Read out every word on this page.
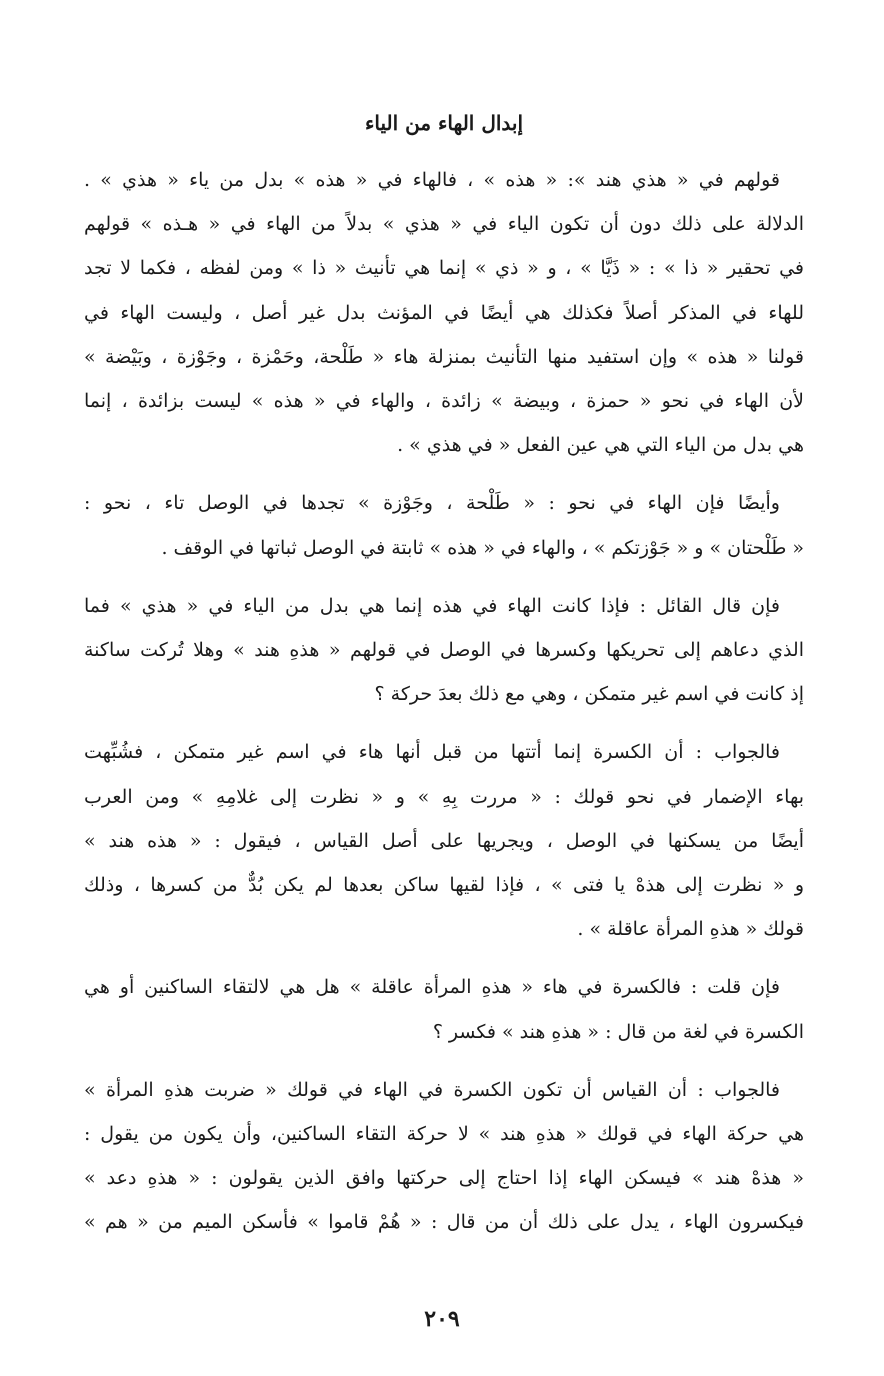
إبدال الهاء من الياء
قولهم في « هذي هند »: « هذه » ، فالهاء في « هذه » بدل من ياء « هذي » .
الدلالة على ذلك دون أن تكون الياء في « هذي » بدلاً من الهاء في « هـذه » قولهم
في تحقير « ذا » : « ذَيَّا » ، و « ذي » إنما هي تأنيث « ذا » ومن لفظه ، فكما لا تجد
للهاء في المذكر أصلاً فكذلك هي أيضًا في المؤنث بدل غير أصل ، وليست الهاء في
قولنا « هذه » وإن استفيد منها التأنيث بمنزلة هاء « طَلْحة، وحَمْزة ، وجَوْزة ، وبَيْضة »
لأن الهاء في نحو « حمزة ، وبيضة » زائدة ، والهاء في « هذه » ليست بزائدة ، إنما
هي بدل من الياء التي هي عين الفعل « في هذي » .
وأيضًا فإن الهاء في نحو : « طَلْحة ، وجَوْزة » تجدها في الوصل تاء ، نحو :
« طَلْحتان » و « جَوْزتكم » ، والهاء في « هذه » ثابتة في الوصل ثباتها في الوقف .
فإن قال القائل : فإذا كانت الهاء في هذه إنما هي بدل من الياء في « هذي » فما
الذي دعاهم إلى تحريكها وكسرها في الوصل في قولهم « هذهِ هند » وهلا تُركت ساكنة
إذ كانت في اسم غير متمكن ، وهي مع ذلك بعدَ حركة ؟
فالجواب : أن الكسرة إنما أتتها من قبل أنها هاء في اسم غير متمكن ، فشُبِّهت
بهاء الإضمار في نحو قولك : « مررت بِهِ » و « نظرت إلى غلامِهِ » ومن العرب
أيضًا من يسكنها في الوصل ، ويجريها على أصل القياس ، فيقول : « هذه هند »
و « نظرت إلى هذهْ يا فتى » ، فإذا لقيها ساكن بعدها لم يكن بُدٌّ من كسرها ، وذلك
قولك « هذهِ المرأة عاقلة » .
فإن قلت : فالكسرة في هاء « هذهِ المرأة عاقلة » هل هي لالتقاء الساكنين أو هي
الكسرة في لغة من قال : « هذهِ هند » فكسر ؟
فالجواب : أن القياس أن تكون الكسرة في الهاء في قولك « ضربت هذهِ المرأة »
هي حركة الهاء في قولك « هذهِ هند » لا حركة التقاء الساكنين، وأن يكون من يقول :
« هذهْ هند » فيسكن الهاء إذا احتاج إلى حركتها وافق الذين يقولون : « هذهِ دعد »
فيكسرون الهاء ، يدل على ذلك أن من قال : « هُمْ قاموا » فأسكن الميم من « هم »
٢٠٩
